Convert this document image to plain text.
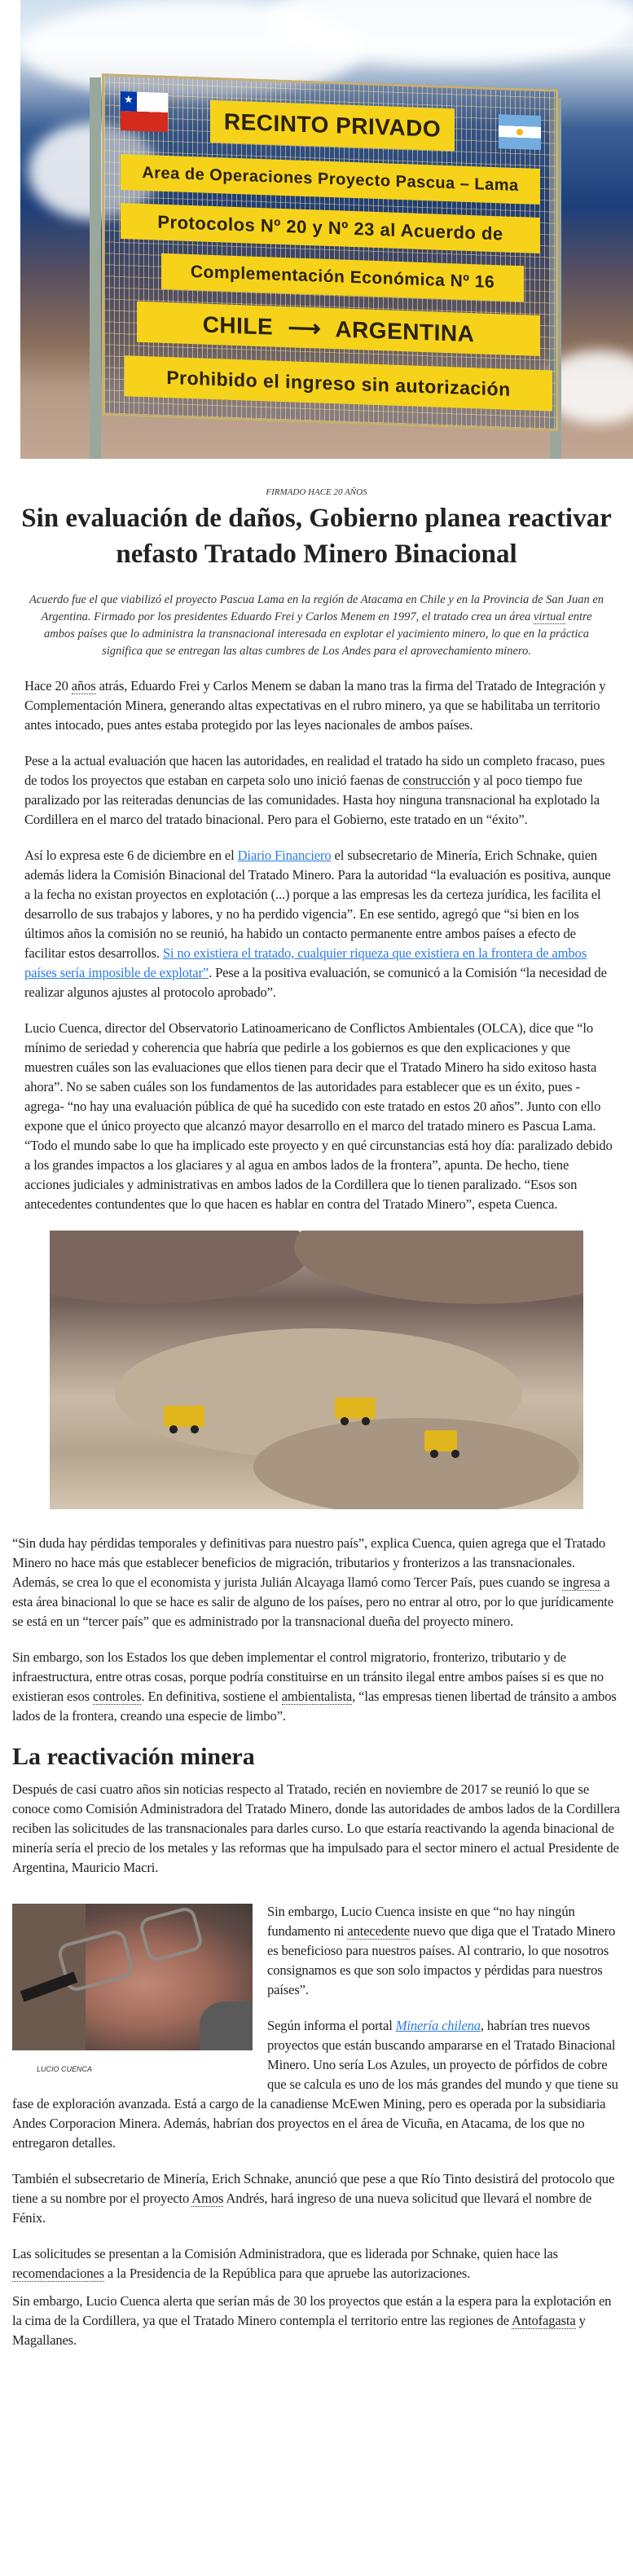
★
RECINTO PRIVADO
Area de Operaciones Proyecto Pascua – Lama
Protocolos Nº 20 y Nº 23 al Acuerdo de
Complementación Económica Nº 16
CHILE ⟶ ARGENTINA
Prohibido el ingreso sin autorización
FIRMADO HACE 20 AÑOS
Sin evaluación de daños, Gobierno planea reactivar nefasto Tratado Minero Binacional
Acuerdo fue el que viabilizó el proyecto Pascua Lama en la región de Atacama en Chile y en la Provincia de San Juan en Argentina. Firmado por los presidentes Eduardo Frei y Carlos Menem en 1997, el tratado crea un área virtual entre ambos países que lo administra la transnacional interesada en explotar el yacimiento minero, lo que en la práctica significa que se entregan las altas cumbres de Los Andes para el aprovechamiento minero.
Hace 20 años atrás, Eduardo Frei y Carlos Menem se daban la mano tras la firma del Tratado de Integración y Complementación Minera, generando altas expectativas en el rubro minero, ya que se habilitaba un territorio antes intocado, pues antes estaba protegido por las leyes nacionales de ambos países.
Pese a la actual evaluación que hacen las autoridades, en realidad el tratado ha sido un completo fracaso, pues de todos los proyectos que estaban en carpeta solo uno inició faenas de construcción y al poco tiempo fue paralizado por las reiteradas denuncias de las comunidades. Hasta hoy ninguna transnacional ha explotado la Cordillera en el marco del tratado binacional. Pero para el Gobierno, este tratado en un “éxito”.
Así lo expresa este 6 de diciembre en el Diario Financiero el subsecretario de Minería, Erich Schnake, quien además lidera la Comisión Binacional del Tratado Minero. Para la autoridad “la evaluación es positiva, aunque a la fecha no existan proyectos en explotación (...) porque a las empresas les da certeza jurídica, les facilita el desarrollo de sus trabajos y labores, y no ha perdido vigencia”. En ese sentido, agregó que “si bien en los últimos años la comisión no se reunió, ha habido un contacto permanente entre ambos países a efecto de facilitar estos desarrollos. Si no existiera el tratado, cualquier riqueza que existiera en la frontera de ambos países sería imposible de explotar”. Pese a la positiva evaluación, se comunicó a la Comisión “la necesidad de realizar algunos ajustes al protocolo aprobado”.
Lucio Cuenca, director del Observatorio Latinoamericano de Conflictos Ambientales (OLCA), dice que “lo mínimo de seriedad y coherencia que habría que pedirle a los gobiernos es que den explicaciones y que muestren cuáles son las evaluaciones que ellos tienen para decir que el Tratado Minero ha sido exitoso hasta ahora”. No se saben cuáles son los fundamentos de las autoridades para establecer que es un éxito, pues -agrega- “no hay una evaluación pública de qué ha sucedido con este tratado en estos 20 años”. Junto con ello expone que el único proyecto que alcanzó mayor desarrollo en el marco del tratado minero es Pascua Lama. “Todo el mundo sabe lo que ha implicado este proyecto y en qué circunstancias está hoy día: paralizado debido a los grandes impactos a los glaciares y al agua en ambos lados de la frontera”, apunta. De hecho, tiene acciones judiciales y administrativas en ambos lados de la Cordillera que lo tienen paralizado. “Esos son antecedentes contundentes que lo que hacen es hablar en contra del Tratado Minero”, espeta Cuenca.
“Sin duda hay pérdidas temporales y definitivas para nuestro país”, explica Cuenca, quien agrega que el Tratado Minero no hace más que establecer beneficios de migración, tributarios y fronterizos a las transnacionales. Además, se crea lo que el economista y jurista Julián Alcayaga llamó como Tercer País, pues cuando se ingresa a esta área binacional lo que se hace es salir de alguno de los países, pero no entrar al otro, por lo que jurídicamente se está en un “tercer país” que es administrado por la transnacional dueña del proyecto minero.
Sin embargo, son los Estados los que deben implementar el control migratorio, fronterizo, tributario y de infraestructura, entre otras cosas, porque podría constituirse en un tránsito ilegal entre ambos países si es que no existieran esos controles. En definitiva, sostiene el ambientalista, “las empresas tienen libertad de tránsito a ambos lados de la frontera, creando una especie de limbo”.
La reactivación minera
Después de casi cuatro años sin noticias respecto al Tratado, recién en noviembre de 2017 se reunió lo que se conoce como Comisión Administradora del Tratado Minero, donde las autoridades de ambos lados de la Cordillera reciben las solicitudes de las transnacionales para darles curso. Lo que estaría reactivando la agenda binacional de minería sería el precio de los metales y las reformas que ha impulsado para el sector minero el actual Presidente de Argentina, Mauricio Macri.
LUCIO CUENCA
Sin embargo, Lucio Cuenca insiste en que “no hay ningún fundamento ni antecedente nuevo que diga que el Tratado Minero es beneficioso para nuestros países. Al contrario, lo que nosotros consignamos es que son solo impactos y pérdidas para nuestros países”.
Según informa el portal Minería chilena, habrían tres nuevos proyectos que están buscando ampararse en el Tratado Binacional Minero. Uno sería Los Azules, un proyecto de pórfidos de cobre que se calcula es uno de los más grandes del mundo y que tiene su fase de exploración avanzada. Está a cargo de la canadiense McEwen Mining, pero es operada por la subsidiaria Andes Corporacion Minera. Además, habrían dos proyectos en el área de Vicuña, en Atacama, de los que no entregaron detalles.
También el subsecretario de Minería, Erich Schnake, anunció que pese a que Río Tinto desistirá del protocolo que tiene a su nombre por el proyecto Amos Andrés, hará ingreso de una nueva solicitud que llevará el nombre de Fénix.
Las solicitudes se presentan a la Comisión Administradora, que es liderada por Schnake, quien hace las recomendaciones a la Presidencia de la República para que apruebe las autorizaciones.
Sin embargo, Lucio Cuenca alerta que serían más de 30 los proyectos que están a la espera para la explotación en la cima de la Cordillera, ya que el Tratado Minero contempla el territorio entre las regiones de Antofagasta y Magallanes.
